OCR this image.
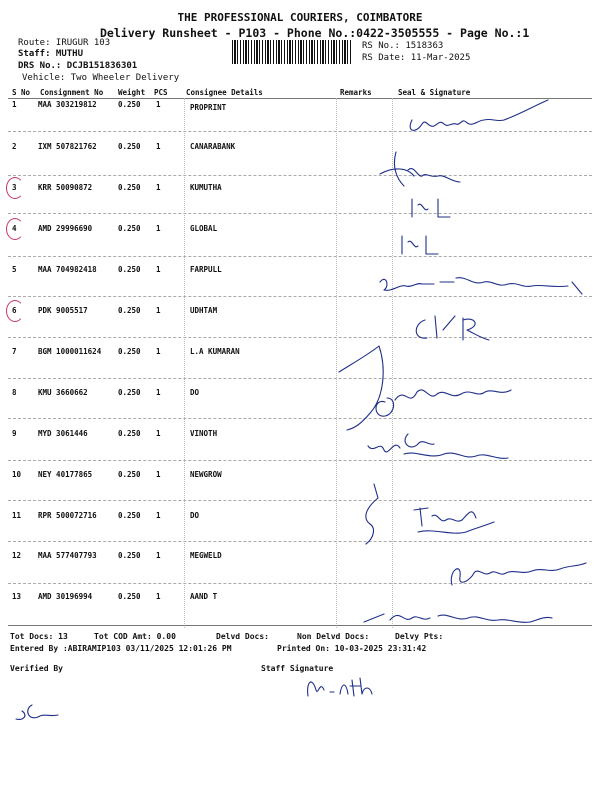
THE PROFESSIONAL COURIERS, COIMBATORE
Delivery Runsheet - P103 - Phone No.:0422-3505555 - Page No.:1
Route: IRUGUR 103
Staff: MUTHU
DRS No.: DCJB151836301
Vehicle: Two Wheeler Delivery
RS No.: 1518363
RS Date: 11-Mar-2025
S No Consignment No Weight PCS Consignee Details	Remarks	Seal & Signature
1	MAA 303219812	0.250 1	PROPRINT
2	IXM 507821762	0.250 1	CANARABANK
3	KRR 50090872	0.250 1	KUMUTHA
4	AMD 29996690	0.250 1	GLOBAL
5	MAA 704982418	0.250 1	FARPULL
6	PDK 9005517	0.250 1	UDHTAM
7	BGM 1000011624 0.250 1	L.A KUMARAN
8	KMU 3660662	0.250 1	DO
9	MYD 3061446	0.250 1	VINOTH
10 NEY 40177865	0.250 1	NEWGROW
11 RPR 500072716	0.250 1	DO
12 MAA 577407793	0.250 1	MEGWELD
13 AMD 30196994	0.250 1	AAND T
Tot Docs: 13	Tot COD Amt: 0.00	Delvd Docs:	Non Delvd Docs:	Delvy Pts:
Entered By :ABIRAMIP103 03/11/2025 12:01:26 PM	Printed On: 10-03-2025 23:31:42
Verified By	Staff Signature
